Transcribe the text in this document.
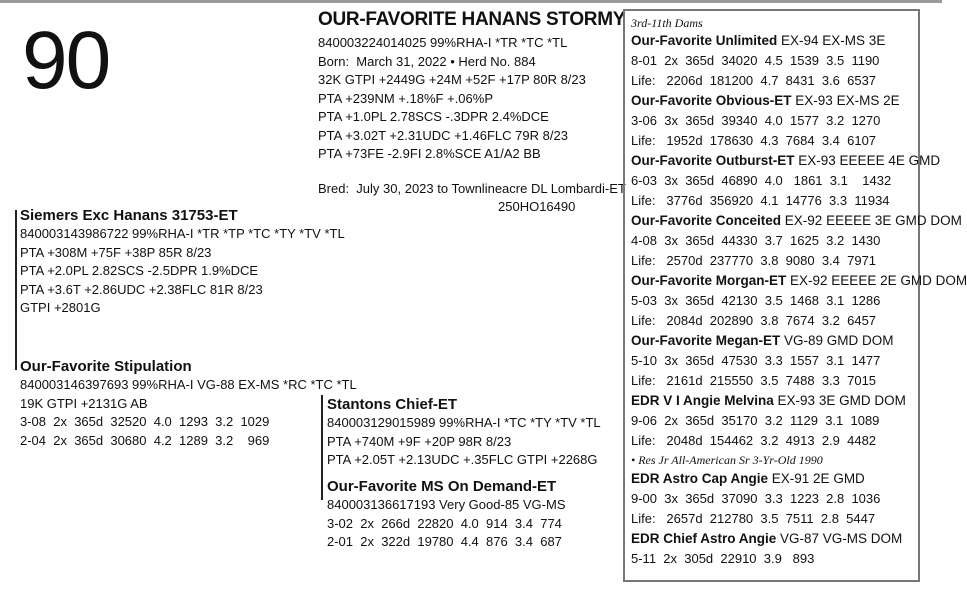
90	OUR-FAVORITE HANANS STORMY
840003224014025 99%RHA-I *TR *TC *TL
Born:  March 31, 2022 • Herd No. 884
32K GTPI +2449G +24M +52F +17P 80R 8/23
PTA +239NM +.18%F +.06%P
PTA +1.0PL 2.78SCS -.3DPR 2.4%DCE
PTA +3.02T +2.31UDC +1.46FLC 79R 8/23
PTA +73FE -2.9FI 2.8%SCE A1/A2 BB
Bred:  July 30, 2023 to Townlineacre DL Lombardi-ET
250HO16490
Siemers Exc Hanans 31753-ET
840003143986722 99%RHA-I *TR *TP *TC *TY *TV *TL
PTA +308M +75F +38P 85R 8/23
PTA +2.0PL 2.82SCS -2.5DPR 1.9%DCE
PTA +3.6T +2.86UDC +2.38FLC 81R 8/23
GTPI +2801G
Our-Favorite Stipulation
840003146397693 99%RHA-I VG-88 EX-MS *RC *TC *TL
19K GTPI +2131G AB
3-08  2x  365d  32520  4.0  1293  3.2  1029
2-04  2x  365d  30680  4.2  1289  3.2    969
Stantons Chief-ET
840003129015989 99%RHA-I *TC *TY *TV *TL
PTA +740M +9F +20P 98R 8/23
PTA +2.05T +2.13UDC +.35FLC GTPI +2268G
Our-Favorite MS On Demand-ET
840003136617193 Very Good-85 VG-MS
3-02  2x  266d  22820  4.0  914  3.4  774
2-01  2x  322d  19780  4.4  876  3.4  687
3rd-11th Dams
Our-Favorite Unlimited EX-94 EX-MS 3E
8-01  2x  365d  34020  4.5  1539  3.5  1190
Life:   2206d  181200  4.7  8431  3.6  6537
Our-Favorite Obvious-ET EX-93 EX-MS 2E
3-06  3x  365d  39340  4.0  1577  3.2  1270
Life:   1952d  178630  4.3  7684  3.4  6107
Our-Favorite Outburst-ET EX-93 EEEEE 4E GMD
6-03  3x  365d  46890  4.0   1861  3.1    1432
Life:   3776d  356920  4.1  14776  3.3  11934
Our-Favorite Conceited EX-92 EEEEE 3E GMD DOM
4-08  3x  365d  44330  3.7  1625  3.2  1430
Life:   2570d  237770  3.8  9080  3.4  7971
Our-Favorite Morgan-ET EX-92 EEEEE 2E GMD DOM
5-03  3x  365d  42130  3.5  1468  3.1  1286
Life:   2084d  202890  3.8  7674  3.2  6457
Our-Favorite Megan-ET VG-89 GMD DOM
5-10  3x  365d  47530  3.3  1557  3.1  1477
Life:   2161d  215550  3.5  7488  3.3  7015
EDR V I Angie Melvina EX-93 3E GMD DOM
9-06  2x  365d  35170  3.2  1129  3.1  1089
Life:   2048d  154462  3.2  4913  2.9  4482
• Res Jr All-American Sr 3-Yr-Old 1990
EDR Astro Cap Angie EX-91 2E GMD
9-00  3x  365d  37090  3.3  1223  2.8  1036
Life:   2657d  212780  3.5  7511  2.8  5447
EDR Chief Astro Angie VG-87 VG-MS DOM
5-11  2x  305d  22910  3.9   893
